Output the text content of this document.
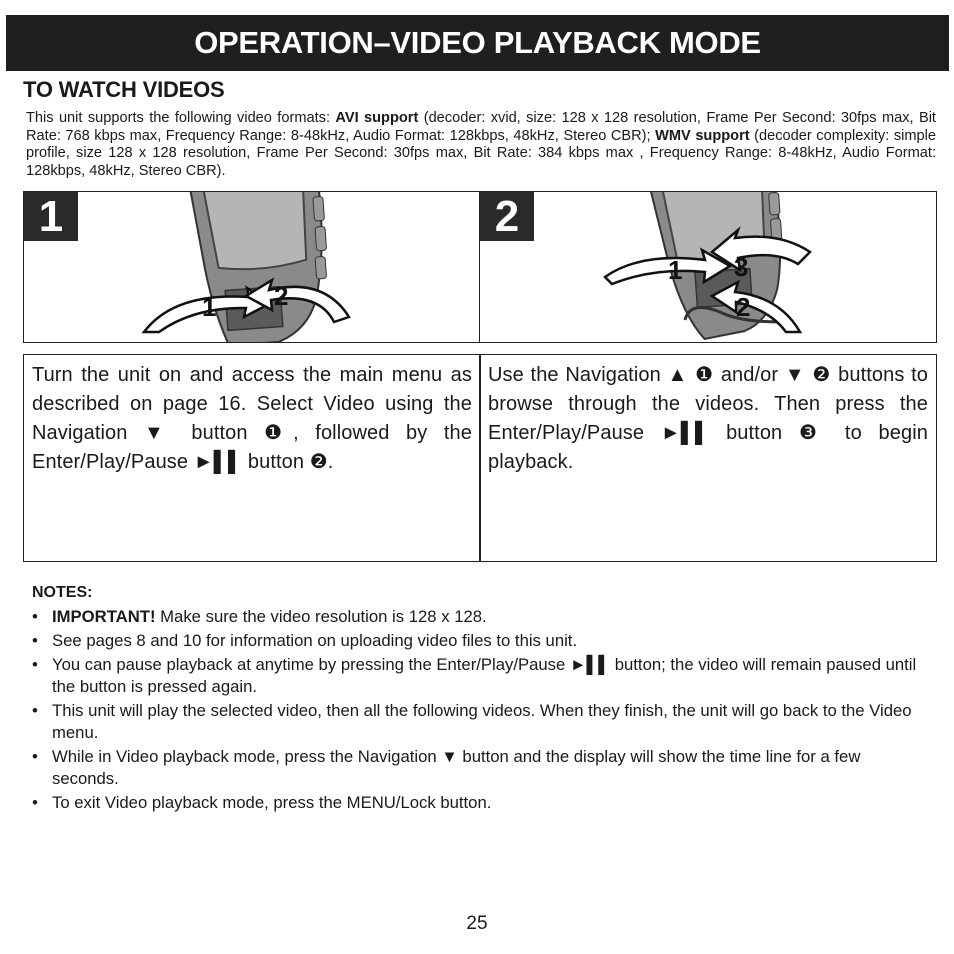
OPERATION–VIDEO PLAYBACK MODE
TO WATCH VIDEOS

This unit supports the following video formats: AVI support (decoder: xvid, size: 128 x 128 resolution, Frame Per Second: 30fps max, Bit Rate: 768 kbps max, Frequency Range: 8-48kHz, Audio Format: 128kbps, 48kHz, Stereo CBR); WMV support (decoder complexity: simple profile, size 128 x 128 resolution, Frame Per Second: 30fps max, Bit Rate: 384 kbps max , Frequency Range: 8-48kHz, Audio Format: 128kbps, 48kHz, Stereo CBR).

1 2
1
1 3
2
2

Turn the unit on and access the main menu as described on page 16. Select Video using the Navigation ▼ button ❶, followed by the Enter/Play/Pause ►▌▌ button ❷.

Use the Navigation ▲ ❶ and/or ▼ ❷ buttons to browse through the videos. Then press the Enter/Play/Pause ►▌▌ button ❸ to begin playback.

NOTES:
• IMPORTANT! Make sure the video resolution is 128 x 128.
• See pages 8 and 10 for information on uploading video files to this unit.
• You can pause playback at anytime by pressing the Enter/Play/Pause ►▌▌ button; the video will remain paused until the button is pressed again.
• This unit will play the selected video, then all the following videos. When they finish, the unit will go back to the Video menu.
• While in Video playback mode, press the Navigation ▼ button and the display will show the time line for a few seconds.
• To exit Video playback mode, press the MENU/Lock button.
25
